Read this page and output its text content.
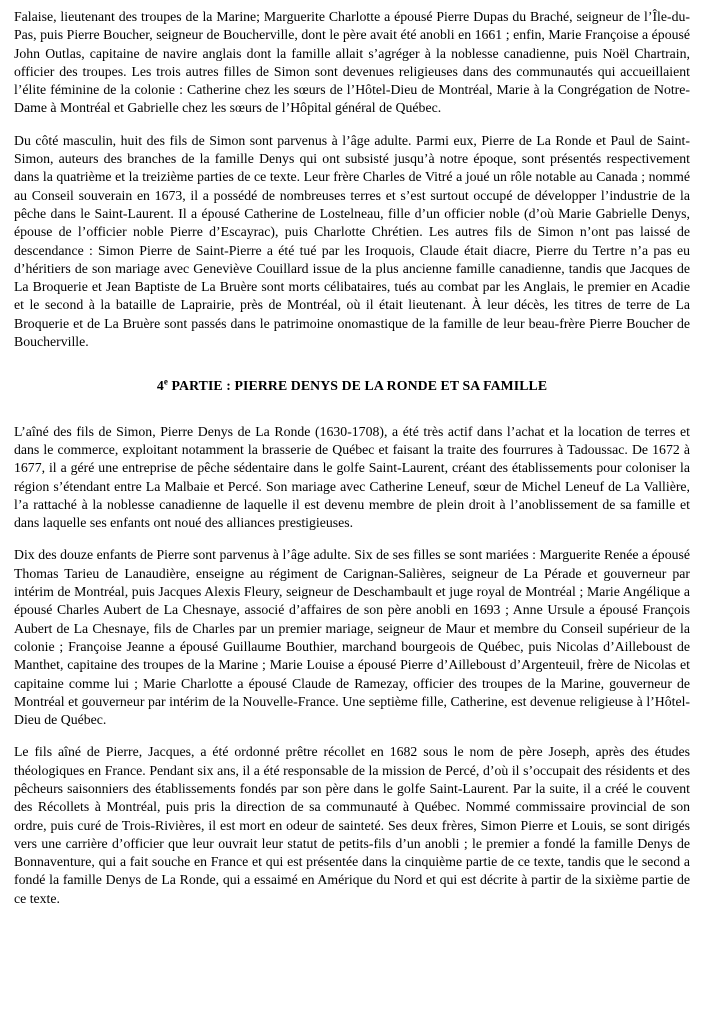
Falaise, lieutenant des troupes de la Marine; Marguerite Charlotte a épousé Pierre Dupas du Braché, seigneur de l’Île-du-Pas, puis Pierre Boucher, seigneur de Boucherville, dont le père avait été anobli en 1661 ; enfin, Marie Françoise a épousé John Outlas, capitaine de navire anglais dont la famille allait s’agréger à la noblesse canadienne, puis Noël Chartrain, officier des troupes. Les trois autres filles de Simon sont devenues religieuses dans des communautés qui accueillaient l’élite féminine de la colonie : Catherine chez les sœurs de l’Hôtel-Dieu de Montréal, Marie à la Congrégation de Notre-Dame à Montréal et Gabrielle chez les sœurs de l’Hôpital général de Québec.

Du côté masculin, huit des fils de Simon sont parvenus à l’âge adulte. Parmi eux, Pierre de La Ronde et Paul de Saint-Simon, auteurs des branches de la famille Denys qui ont subsisté jusqu’à notre époque, sont présentés respectivement dans la quatrième et la treizième parties de ce texte. Leur frère Charles de Vitré a joué un rôle notable au Canada ; nommé au Conseil souverain en 1673, il a possédé de nombreuses terres et s’est surtout occupé de développer l’industrie de la pêche dans le Saint-Laurent. Il a épousé Catherine de Lostelneau, fille d’un officier noble (d’où Marie Gabrielle Denys, épouse de l’officier noble Pierre d’Escayrac), puis Charlotte Chrétien. Les autres fils de Simon n’ont pas laissé de descendance : Simon Pierre de Saint-Pierre a été tué par les Iroquois, Claude était diacre, Pierre du Tertre n’a pas eu d’héritiers de son mariage avec Geneviève Couillard issue de la plus ancienne famille canadienne, tandis que Jacques de La Broquerie et Jean Baptiste de La Bruère sont morts célibataires, tués au combat par les Anglais, le premier en Acadie et le second à la bataille de Laprairie, près de Montréal, où il était lieutenant. À leur décès, les titres de terre de La Broquerie et de La Bruère sont passés dans le patrimoine onomastique de la famille de leur beau-frère Pierre Boucher de Boucherville.

4e PARTIE : PIERRE DENYS DE LA RONDE ET SA FAMILLE

L’aîné des fils de Simon, Pierre Denys de La Ronde (1630-1708), a été très actif dans l’achat et la location de terres et dans le commerce, exploitant notamment la brasserie de Québec et faisant la traite des fourrures à Tadoussac. De 1672 à 1677, il a géré une entreprise de pêche sédentaire dans le golfe Saint-Laurent, créant des établissements pour coloniser la région s’étendant entre La Malbaie et Percé. Son mariage avec Catherine Leneuf, sœur de Michel Leneuf de La Vallière, l’a rattaché à la noblesse canadienne de laquelle il est devenu membre de plein droit à l’anoblissement de sa famille et dans laquelle ses enfants ont noué des alliances prestigieuses.

Dix des douze enfants de Pierre sont parvenus à l’âge adulte. Six de ses filles se sont mariées : Marguerite Renée a épousé Thomas Tarieu de Lanaudière, enseigne au régiment de Carignan-Salières, seigneur de La Pérade et gouverneur par intérim de Montréal, puis Jacques Alexis Fleury, seigneur de Deschambault et juge royal de Montréal ; Marie Angélique a épousé Charles Aubert de La Chesnaye, associé d’affaires de son père anobli en 1693 ; Anne Ursule a épousé François Aubert de La Chesnaye, fils de Charles par un premier mariage, seigneur de Maur et membre du Conseil supérieur de la colonie ; Françoise Jeanne a épousé Guillaume Bouthier, marchand bourgeois de Québec, puis Nicolas d’Ailleboust de Manthet, capitaine des troupes de la Marine ; Marie Louise a épousé Pierre d’Ailleboust d’Argenteuil, frère de Nicolas et capitaine comme lui ; Marie Charlotte a épousé Claude de Ramezay, officier des troupes de la Marine, gouverneur de Montréal et gouverneur par intérim de la Nouvelle-France. Une septième fille, Catherine, est devenue religieuse à l’Hôtel-Dieu de Québec.

Le fils aîné de Pierre, Jacques, a été ordonné prêtre récollet en 1682 sous le nom de père Joseph, après des études théologiques en France. Pendant six ans, il a été responsable de la mission de Percé, d’où il s’occupait des résidents et des pêcheurs saisonniers des établissements fondés par son père dans le golfe Saint-Laurent. Par la suite, il a créé le couvent des Récollets à Montréal, puis pris la direction de sa communauté à Québec. Nommé commissaire provincial de son ordre, puis curé de Trois-Rivières, il est mort en odeur de sainteté. Ses deux frères, Simon Pierre et Louis, se sont dirigés vers une carrière d’officier que leur ouvrait leur statut de petits-fils d’un anobli ; le premier a fondé la famille Denys de Bonnaventure, qui a fait souche en France et qui est présentée dans la cinquième partie de ce texte, tandis que le second a fondé la famille Denys de La Ronde, qui a essaimé en Amérique du Nord et qui est décrite à partir de la sixième partie de ce texte.
